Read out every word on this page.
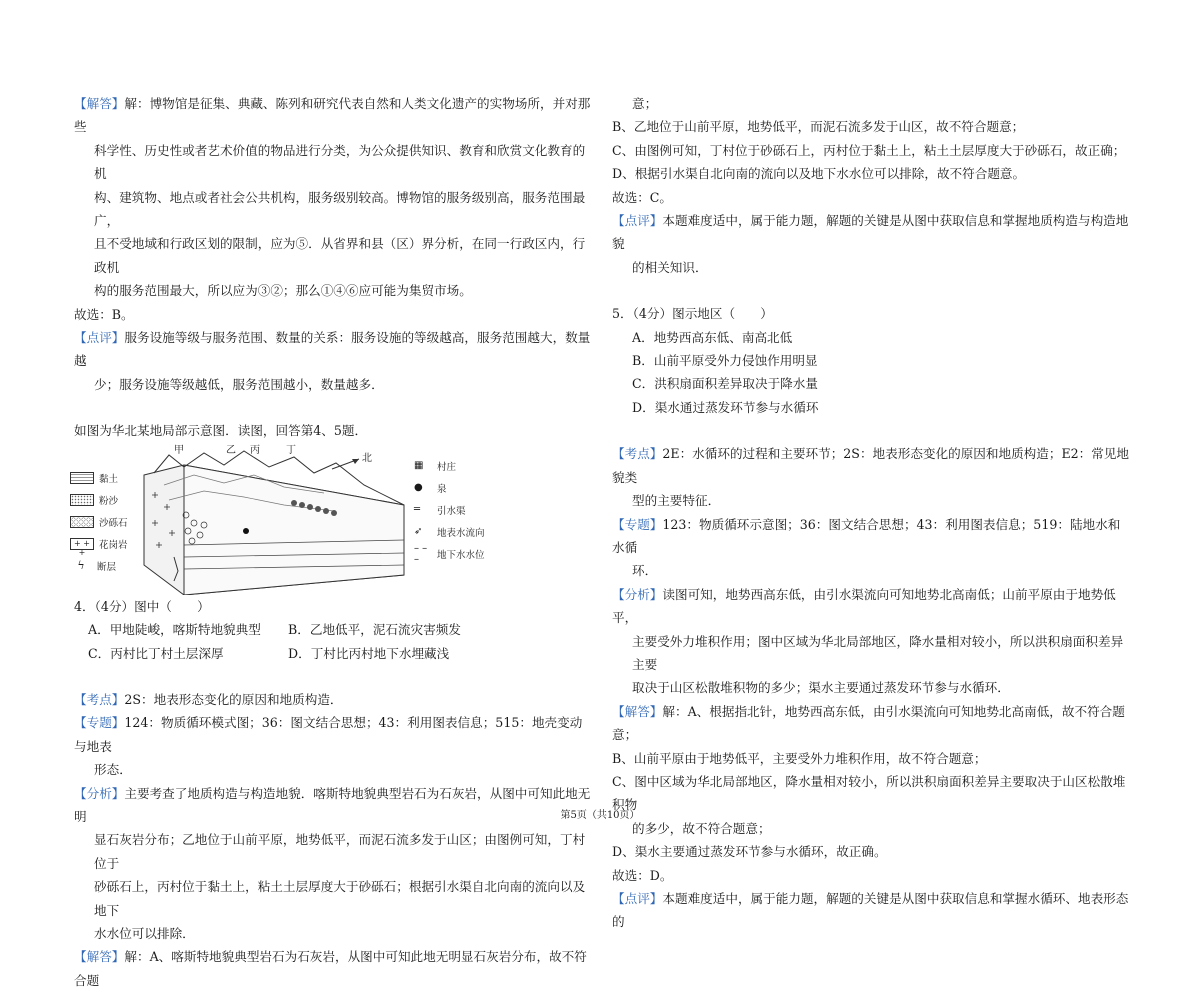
【解答】解：博物馆是征集、典藏、陈列和研究代表自然和人类文化遗产的实物场所，并对那些

科学性、历史性或者艺术价值的物品进行分类，为公众提供知识、教育和欣赏文化教育的机

构、建筑物、地点或者社会公共机构，服务级别较高。博物馆的服务级别高，服务范围最广，

且不受地域和行政区划的限制，应为⑤．从省界和县（区）界分析，在同一行政区内，行政机

构的服务范围最大，所以应为③②；那么①④⑥应可能为集贸市场。

故选：B。

【点评】服务设施等级与服务范围、数量的关系：服务设施的等级越高，服务范围越大，数量越

少；服务设施等级越低，服务范围越小，数量越多．

如图为华北某地局部示意图．读图，回答第4、5题．

甲	乙 丙	丁
北
黏土
粉沙
沙砾石
+ + +
花岗岩
ϟ	断层
▦	村庄
●	泉
═	引水渠
➶	地表水流向
– – –	地下水水位

4．（4分）图中（　　）

A．甲地陡峻，喀斯特地貌典型	B．乙地低平，泥石流灾害频发
C．丙村比丁村土层深厚	D．丁村比丙村地下水埋藏浅

【考点】2S：地表形态变化的原因和地质构造．

【专题】124：物质循环模式图；36：图文结合思想；43：利用图表信息；515：地壳变动与地表

形态．

【分析】主要考查了地质构造与构造地貌．喀斯特地貌典型岩石为石灰岩，从图中可知此地无明

显石灰岩分布；乙地位于山前平原，地势低平，而泥石流多发于山区；由图例可知，丁村位于

砂砾石上，丙村位于黏土上，粘土土层厚度大于砂砾石；根据引水渠自北向南的流向以及地下

水水位可以排除．

【解答】解：A、喀斯特地貌典型岩石为石灰岩，从图中可知此地无明显石灰岩分布，故不符合题

意；

B、乙地位于山前平原，地势低平，而泥石流多发于山区，故不符合题意；

C、由图例可知，丁村位于砂砾石上，丙村位于黏土上，粘土土层厚度大于砂砾石，故正确；

D、根据引水渠自北向南的流向以及地下水水位可以排除，故不符合题意。

故选：C。

【点评】本题难度适中，属于能力题，解题的关键是从图中获取信息和掌握地质构造与构造地貌

的相关知识．

5．（4分）图示地区（　　）

A．地势西高东低、南高北低

B．山前平原受外力侵蚀作用明显

C．洪积扇面积差异取决于降水量

D．渠水通过蒸发环节参与水循环

【考点】2E：水循环的过程和主要环节；2S：地表形态变化的原因和地质构造；E2：常见地貌类

型的主要特征．

【专题】123：物质循环示意图；36：图文结合思想；43：利用图表信息；519：陆地水和水循

环．

【分析】读图可知，地势西高东低，由引水渠流向可知地势北高南低；山前平原由于地势低平，

主要受外力堆积作用；图中区域为华北局部地区，降水量相对较小，所以洪积扇面积差异主要

取决于山区松散堆积物的多少；渠水主要通过蒸发环节参与水循环．

【解答】解：A、根据指北针，地势西高东低，由引水渠流向可知地势北高南低，故不符合题意；

B、山前平原由于地势低平，主要受外力堆积作用，故不符合题意；

C、图中区域为华北局部地区，降水量相对较小，所以洪积扇面积差异主要取决于山区松散堆积物

的多少，故不符合题意；

D、渠水主要通过蒸发环节参与水循环，故正确。

故选：D。

【点评】本题难度适中，属于能力题，解题的关键是从图中获取信息和掌握水循环、地表形态的

第5页（共10页）
